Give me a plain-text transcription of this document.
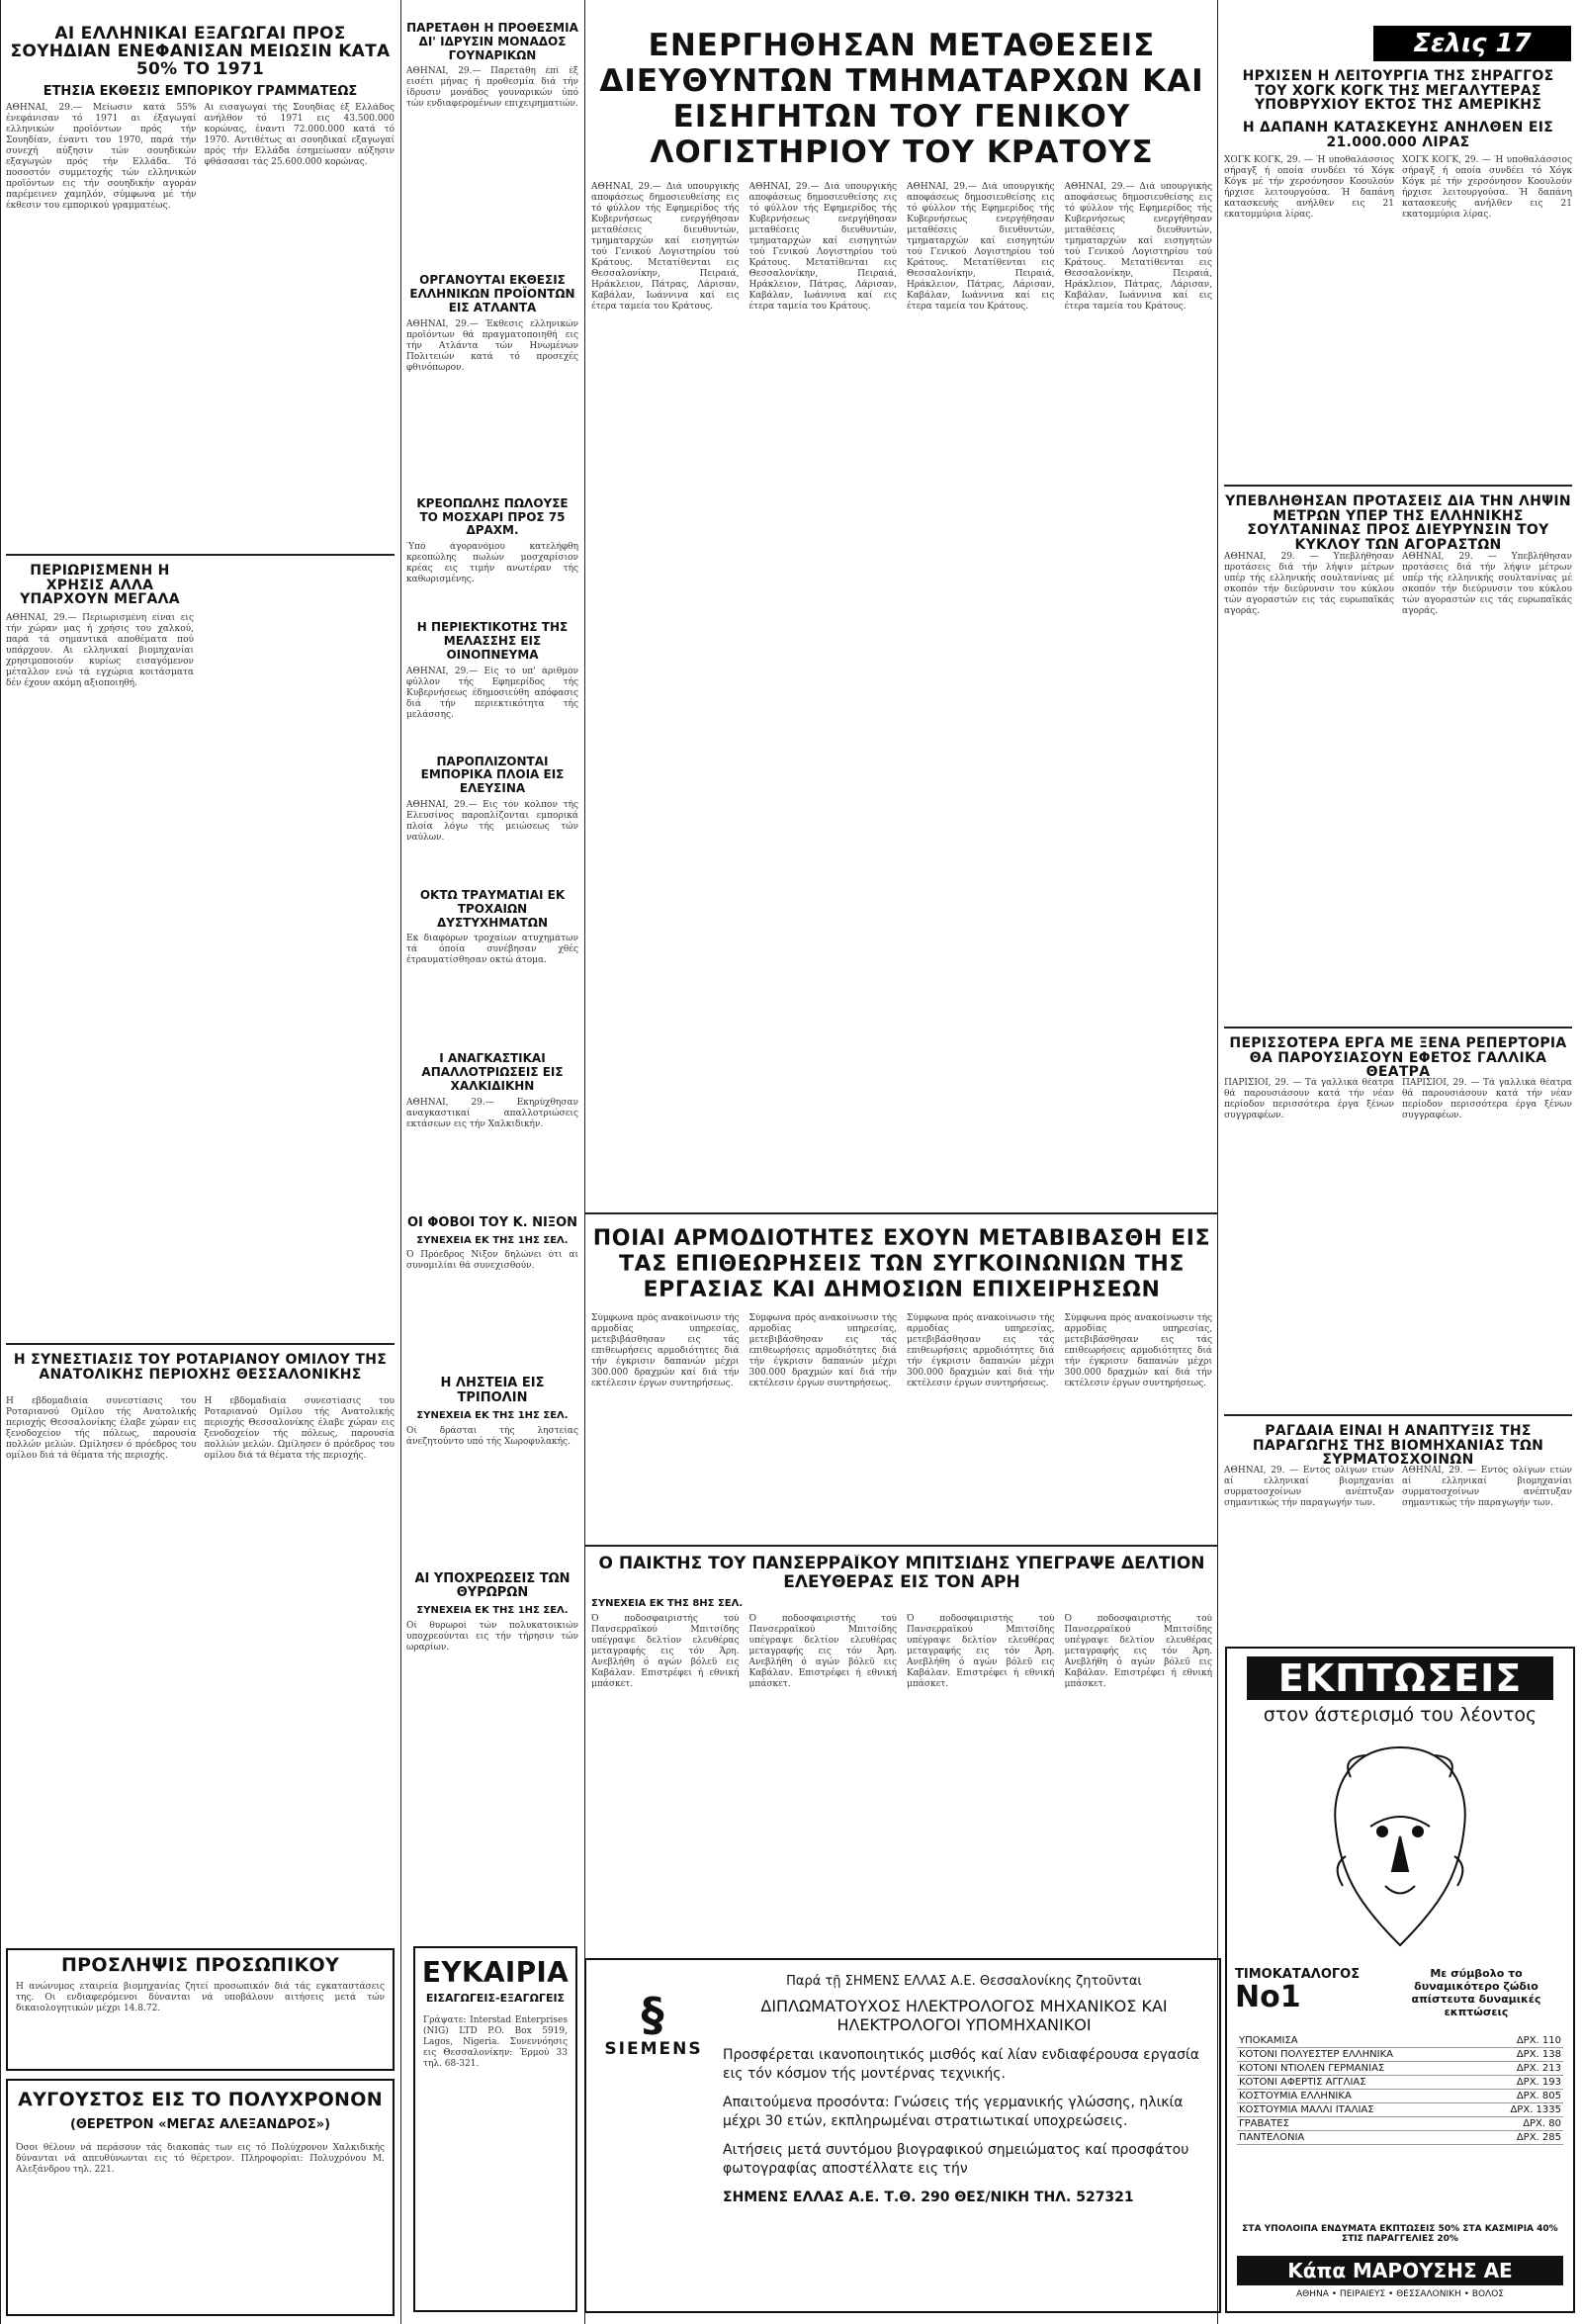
ΑΙ ΕΛΛΗΝΙΚΑΙ ΕΞΑΓΩΓΑΙ ΠΡΟΣ ΣΟΥΗΔΙΑΝ ΕΝΕΦΑΝΙΣΑΝ ΜΕΙΩΣΙΝ ΚΑΤΑ 50% ΤΟ 1971
ΕΤΗΣΙΑ ΕΚΘΕΣΙΣ ΕΜΠΟΡΙΚΟΥ ΓΡΑΜΜΑΤΕΩΣ
ΑΘΗΝΑΙ, 29.— Μείωσιν κατά 55% ένεφάνισαν τό 1971 αι έξαγωγαί ελληνικών προϊόντων πρός τήν Σουηδίαν, έναντι του 1970, παρά τήν συνεχή αύξησιν τών σουηδικών εξαγωγών πρός τήν Ελλάδα. Τό ποσοστόν συμμετοχής τών ελληνικών προϊόντων εις τήν σουηδικήν αγοράν παρέμεινεν χαμηλόν, σύμφωνα μέ τήν έκθεσιν του εμπορικού γραμματέως.
Αι εισαγωγαί τής Σουηδίας έξ Ελλάδος ανήλθον τό 1971 εις 43.500.000 κορώνας, έναντι 72.000.000 κατά τό 1970. Αντιθέτως αι σουηδικαί εξαγωγαί πρός τήν Ελλάδα έσημείωσαν αύξησιν φθάσασαι τάς 25.600.000 κορώνας.
ΠΕΡΙΩΡΙΣΜΕΝΗ Η ΧΡΗΣΙΣ ΑΛΛΑ ΥΠΑΡΧΟΥΝ ΜΕΓΑΛΑ
ΑΘΗΝΑΙ, 29.— Περιωρισμένη είναι εις τήν χώραν μας ή χρήσις του χαλκού, παρά τά σημαντικά αποθέματα πού υπάρχουν. Αι ελληνικαί βιομηχανίαι χρησιμοποιούν κυρίως εισαγόμενον μέταλλον ενώ τά εγχώρια κοιτάσματα δέν έχουν ακόμη αξιοποιηθή.
Η ΣΥΝΕΣΤΙΑΣΙΣ ΤΟΥ ΡΟΤΑΡΙΑΝΟΥ ΟΜΙΛΟΥ ΤΗΣ ΑΝΑΤΟΛΙΚΗΣ ΠΕΡΙΟΧΗΣ ΘΕΣΣΑΛΟΝΙΚΗΣ
Η εβδομαδιαία συνεστίασις του Ροταριανού Ομίλου τής Ανατολικής περιοχής Θεσσαλονίκης έλαβε χώραν εις ξενοδοχείον τής πόλεως, παρουσία πολλών μελών. Ωμίλησεν ό πρόεδρος του ομίλου διά τά θέματα τής περιοχής.
Η εβδομαδιαία συνεστίασις του Ροταριανού Ομίλου τής Ανατολικής περιοχής Θεσσαλονίκης έλαβε χώραν εις ξενοδοχείον τής πόλεως, παρουσία πολλών μελών. Ωμίλησεν ό πρόεδρος του ομίλου διά τά θέματα τής περιοχής.
ΠΡΟΣΛΗΨΙΣ ΠΡΟΣΩΠΙΚΟΥ
Η ανώνυμος εταιρεία βιομηχανίας ζητεί προσωπικόν διά τάς εγκαταστάσεις της. Οι ενδιαφερόμενοι δύνανται νά υποβάλουν αιτήσεις μετά τών δικαιολογητικών μέχρι 14.8.72.
ΑΥΓΟΥΣΤΟΣ ΕΙΣ ΤΟ ΠΟΛΥΧΡΟΝΟΝ
(ΘΕΡΕΤΡΟΝ «ΜΕΓΑΣ ΑΛΕΞΑΝΔΡΟΣ»)
Όσοι θέλουν νά περάσουν τάς διακοπάς των εις τό Πολύχρονον Χαλκιδικής δύνανται νά απευθύνωνται εις τό θέρετρον. Πληροφορίαι: Πολυχρόνου Μ. Αλεξάνδρου τηλ. 221.
ΠΑΡΕΤΑΘΗ Η ΠΡΟΘΕΣΜΙΑ ΔΙ' ΙΔΡΥΣΙΝ ΜΟΝΑΔΟΣ ΓΟΥΝΑΡΙΚΩΝ
ΑΘΗΝΑΙ, 29.— Παρετάθη έπί έξ εισέτι μήνας ή προθεσμία διά τήν ίδρυσιν μονάδος γουναρικών ύπό τών ενδιαφερομένων επιχειρηματιών.
ΟΡΓΑΝΟΥΤΑΙ ΕΚΘΕΣΙΣ ΕΛΛΗΝΙΚΩΝ ΠΡΟΪΟΝΤΩΝ ΕΙΣ ΑΤΛΑΝΤΑ
ΑΘΗΝΑΙ, 29.— Έκθεσις ελληνικών προϊόντων θά πραγματοποιηθή εις τήν Ατλάντα τών Ηνωμένων Πολιτειών κατά τό προσεχές φθινόπωρον.
ΚΡΕΟΠΩΛΗΣ ΠΩΛΟΥΣΕ ΤΟ ΜΟΣΧΑΡΙ ΠΡΟΣ 75 ΔΡΑΧΜ.
Ύπό άγορανόμου κατελήφθη κρεοπώλης πωλών μοσχαρίσιον κρέας εις τιμήν ανωτέραν τής καθωρισμένης.
Η ΠΕΡΙΕΚΤΙΚΟΤΗΣ ΤΗΣ ΜΕΛΑΣΣΗΣ ΕΙΣ ΟΙΝΟΠΝΕΥΜΑ
ΑΘΗΝΑΙ, 29.— Είς τό υπ' άριθμόν φύλλον τής Εφημερίδος τής Κυβερνήσεως έδημοσιεύθη απόφασις διά τήν περιεκτικότητα τής μελάσσης.
ΠΑΡΟΠΛΙΖΟΝΤΑΙ ΕΜΠΟΡΙΚΑ ΠΛΟΙΑ ΕΙΣ ΕΛΕΥΣΙΝΑ
ΑΘΗΝΑΙ, 29.— Εις τόν κόλπον τής Ελευσίνος παροπλίζονται εμπορικά πλοία λόγω τής μειώσεως τών ναύλων.
ΟΚΤΩ ΤΡΑΥΜΑΤΙΑΙ ΕΚ ΤΡΟΧΑΙΩΝ ΔΥΣΤΥΧΗΜΑΤΩΝ
Εκ διαφόρων τροχαίων ατυχημάτων τά όποία συνέβησαν χθές έτραυματίσθησαν οκτώ άτομα.
Ι ΑΝΑΓΚΑΣΤΙΚΑΙ ΑΠΑΛΛΟΤΡΙΩΣΕΙΣ ΕΙΣ ΧΑΛΚΙΔΙΚΗΝ
ΑΘΗΝΑΙ, 29.— Εκηρύχθησαν αναγκαστικαί απαλλοτριώσεις εκτάσεων εις τήν Χαλκιδικήν.
ΟΙ ΦΟΒΟΙ ΤΟΥ Κ. ΝΙΞΟΝ
ΣΥΝΕΧΕΙΑ ΕΚ ΤΗΣ 1ΗΣ ΣΕΛ.
Ό Πρόεδρος Νίξον δηλώνει ότι αι συνομιλίαι θά συνεχισθούν.
Η ΛΗΣΤΕΙΑ ΕΙΣ ΤΡΙΠΟΛΙΝ
ΣΥΝΕΧΕΙΑ ΕΚ ΤΗΣ 1ΗΣ ΣΕΛ.
Οί δράσται τής ληστείας άνεζητούντο υπό τής Χωροφυλακής.
ΑΙ ΥΠΟΧΡΕΩΣΕΙΣ ΤΩΝ ΘΥΡΩΡΩΝ
ΣΥΝΕΧΕΙΑ ΕΚ ΤΗΣ 1ΗΣ ΣΕΛ.
Οί θυρωροί τών πολυκατοικιών υποχρεούνται εις τήν τήρησιν τών ωραρίων.
ΕΥΚΑΙΡΙΑ
ΕΙΣΑΓΩΓΕΙΣ-ΕΞΑΓΩΓΕΙΣ
Γράψατε: Interstad Enterprises (NIG) LTD P.O. Box 5919, Lagos, Nigeria. Συνεννόησις εις Θεσσαλονίκην: Έρμού 33 τηλ. 68-321.
ΕΝΕΡΓΗΘΗΣΑΝ ΜΕΤΑΘΕΣΕΙΣ ΔΙΕΥΘΥΝΤΩΝ ΤΜΗΜΑΤΑΡΧΩΝ ΚΑΙ ΕΙΣΗΓΗΤΩΝ ΤΟΥ ΓΕΝΙΚΟΥ ΛΟΓΙΣΤΗΡΙΟΥ ΤΟΥ ΚΡΑΤΟΥΣ
ΑΘΗΝΑΙ, 29.— Διά υπουργικής αποφάσεως δημοσιευθείσης εις τό φύλλον τής Εφημερίδος τής Κυβερνήσεως ενεργήθησαν μεταθέσεις διευθυντών, τμηματαρχών καί εισηγητών τού Γενικού Λογιστηρίου τού Κράτους. Μετατίθενται εις Θεσσαλονίκην, Πειραιά, Ηράκλειον, Πάτρας, Λάρισαν, Καβάλαν, Ιωάννινα καί εις έτερα ταμεία του Κράτους.
ΑΘΗΝΑΙ, 29.— Διά υπουργικής αποφάσεως δημοσιευθείσης εις τό φύλλον τής Εφημερίδος τής Κυβερνήσεως ενεργήθησαν μεταθέσεις διευθυντών, τμηματαρχών καί εισηγητών τού Γενικού Λογιστηρίου τού Κράτους. Μετατίθενται εις Θεσσαλονίκην, Πειραιά, Ηράκλειον, Πάτρας, Λάρισαν, Καβάλαν, Ιωάννινα καί εις έτερα ταμεία του Κράτους.
ΑΘΗΝΑΙ, 29.— Διά υπουργικής αποφάσεως δημοσιευθείσης εις τό φύλλον τής Εφημερίδος τής Κυβερνήσεως ενεργήθησαν μεταθέσεις διευθυντών, τμηματαρχών καί εισηγητών τού Γενικού Λογιστηρίου τού Κράτους. Μετατίθενται εις Θεσσαλονίκην, Πειραιά, Ηράκλειον, Πάτρας, Λάρισαν, Καβάλαν, Ιωάννινα καί εις έτερα ταμεία του Κράτους.
ΑΘΗΝΑΙ, 29.— Διά υπουργικής αποφάσεως δημοσιευθείσης εις τό φύλλον τής Εφημερίδος τής Κυβερνήσεως ενεργήθησαν μεταθέσεις διευθυντών, τμηματαρχών καί εισηγητών τού Γενικού Λογιστηρίου τού Κράτους. Μετατίθενται εις Θεσσαλονίκην, Πειραιά, Ηράκλειον, Πάτρας, Λάρισαν, Καβάλαν, Ιωάννινα καί εις έτερα ταμεία του Κράτους.
ΠΟΙΑΙ ΑΡΜΟΔΙΟΤΗΤΕΣ ΕΧΟΥΝ ΜΕΤΑΒΙΒΑΣΘΗ ΕΙΣ ΤΑΣ ΕΠΙΘΕΩΡΗΣΕΙΣ ΤΩΝ ΣΥΓΚΟΙΝΩΝΙΩΝ ΤΗΣ ΕΡΓΑΣΙΑΣ ΚΑΙ ΔΗΜΟΣΙΩΝ ΕΠΙΧΕΙΡΗΣΕΩΝ
Σύμφωνα πρός ανακοίνωσιν τής αρμοδίας υπηρεσίας, μετεβιβάσθησαν εις τάς επιθεωρήσεις αρμοδιότητες διά τήν έγκρισιν δαπανών μέχρι 300.000 δραχμών καί διά τήν εκτέλεσιν έργων συντηρήσεως.
Σύμφωνα πρός ανακοίνωσιν τής αρμοδίας υπηρεσίας, μετεβιβάσθησαν εις τάς επιθεωρήσεις αρμοδιότητες διά τήν έγκρισιν δαπανών μέχρι 300.000 δραχμών καί διά τήν εκτέλεσιν έργων συντηρήσεως.
Σύμφωνα πρός ανακοίνωσιν τής αρμοδίας υπηρεσίας, μετεβιβάσθησαν εις τάς επιθεωρήσεις αρμοδιότητες διά τήν έγκρισιν δαπανών μέχρι 300.000 δραχμών καί διά τήν εκτέλεσιν έργων συντηρήσεως.
Σύμφωνα πρός ανακοίνωσιν τής αρμοδίας υπηρεσίας, μετεβιβάσθησαν εις τάς επιθεωρήσεις αρμοδιότητες διά τήν έγκρισιν δαπανών μέχρι 300.000 δραχμών καί διά τήν εκτέλεσιν έργων συντηρήσεως.
Ο ΠΑΙΚΤΗΣ ΤΟΥ ΠΑΝΣΕΡΡΑΪΚΟΥ ΜΠΙΤΣΙΔΗΣ ΥΠΕΓΡΑΨΕ ΔΕΛΤΙΟΝ ΕΛΕΥΘΕΡΑΣ ΕΙΣ ΤΟΝ ΑΡΗ
ΣΥΝΕΧΕΙΑ ΕΚ ΤΗΣ 8ΗΣ ΣΕΛ.
Ό ποδοσφαιριστής τού Πανσερραϊκού Μπιτσίδης υπέγραψε δελτίον ελευθέρας μεταγραφής εις τόν Άρη. Ανεβλήθη ό αγών βόλεϋ εις Καβάλαν. Επιστρέφει ή εθνική μπάσκετ.
Ό ποδοσφαιριστής τού Πανσερραϊκού Μπιτσίδης υπέγραψε δελτίον ελευθέρας μεταγραφής εις τόν Άρη. Ανεβλήθη ό αγών βόλεϋ εις Καβάλαν. Επιστρέφει ή εθνική μπάσκετ.
Ό ποδοσφαιριστής τού Πανσερραϊκού Μπιτσίδης υπέγραψε δελτίον ελευθέρας μεταγραφής εις τόν Άρη. Ανεβλήθη ό αγών βόλεϋ εις Καβάλαν. Επιστρέφει ή εθνική μπάσκετ.
Ό ποδοσφαιριστής τού Πανσερραϊκού Μπιτσίδης υπέγραψε δελτίον ελευθέρας μεταγραφής εις τόν Άρη. Ανεβλήθη ό αγών βόλεϋ εις Καβάλαν. Επιστρέφει ή εθνική μπάσκετ.
§
SIEMENS
Παρά τῇ ΣΗΜΕΝΣ ΕΛΛΑΣ Α.Ε. Θεσσαλονίκης ζητοῦνται
ΔΙΠΛΩΜΑΤΟΥΧΟΣ ΗΛΕΚΤΡΟΛΟΓΟΣ ΜΗΧΑΝΙΚΟΣ ΚΑΙ ΗΛΕΚΤΡΟΛΟΓΟΙ ΥΠΟΜΗΧΑΝΙΚΟΙ
Προσφέρεται ικανοποιητικός μισθός καί λίαν ενδιαφέρουσα εργασία εις τόν κόσμον τής μοντέρνας τεχνικής.
Απαιτούμενα προσόντα: Γνώσεις τής γερμανικής γλώσσης, ηλικία μέχρι 30 ετών, εκπληρωμέναι στρατιωτικαί υποχρεώσεις.
Αιτήσεις μετά συντόμου βιογραφικού σημειώματος καί προσφάτου φωτογραφίας αποστέλλατε εις τήν
ΣΗΜΕΝΣ ΕΛΛΑΣ Α.Ε. Τ.Θ. 290 ΘΕΣ/ΝΙΚΗ ΤΗΛ. 527321
Σελις 17
ΗΡΧΙΣΕΝ Η ΛΕΙΤΟΥΡΓΙΑ ΤΗΣ ΣΗΡΑΓΓΟΣ ΤΟΥ ΧΟΓΚ ΚΟΓΚ ΤΗΣ ΜΕΓΑΛΥΤΕΡΑΣ ΥΠΟΒΡΥΧΙΟΥ ΕΚΤΟΣ ΤΗΣ ΑΜΕΡΙΚΗΣ
Η ΔΑΠΑΝΗ ΚΑΤΑΣΚΕΥΗΣ ΑΝΗΛΘΕΝ ΕΙΣ 21.000.000 ΛΙΡΑΣ
ΧΟΓΚ ΚΟΓΚ, 29. — Ή υποθαλάσσιος σήραγξ ή οποία συνδέει τό Χόγκ Κόγκ μέ τήν χερσόνησον Κοουλούν ήρχισε λειτουργούσα. Ή δαπάνη κατασκευής ανήλθεν εις 21 εκατομμύρια λίρας.
ΧΟΓΚ ΚΟΓΚ, 29. — Ή υποθαλάσσιος σήραγξ ή οποία συνδέει τό Χόγκ Κόγκ μέ τήν χερσόνησον Κοουλούν ήρχισε λειτουργούσα. Ή δαπάνη κατασκευής ανήλθεν εις 21 εκατομμύρια λίρας.
ΥΠΕΒΛΗΘΗΣΑΝ ΠΡΟΤΑΣΕΙΣ ΔΙΑ ΤΗΝ ΛΗΨΙΝ ΜΕΤΡΩΝ ΥΠΕΡ ΤΗΣ ΕΛΛΗΝΙΚΗΣ ΣΟΥΛΤΑΝΙΝΑΣ ΠΡΟΣ ΔΙΕΥΡΥΝΣΙΝ ΤΟΥ ΚΥΚΛΟΥ ΤΩΝ ΑΓΟΡΑΣΤΩΝ
ΑΘΗΝΑΙ, 29. — Υπεβλήθησαν προτάσεις διά τήν λήψιν μέτρων υπέρ τής ελληνικής σουλτανίνας μέ σκοπόν τήν διεύρυνσιν του κύκλου τών αγοραστών εις τάς ευρωπαϊκάς αγοράς.
ΑΘΗΝΑΙ, 29. — Υπεβλήθησαν προτάσεις διά τήν λήψιν μέτρων υπέρ τής ελληνικής σουλτανίνας μέ σκοπόν τήν διεύρυνσιν του κύκλου τών αγοραστών εις τάς ευρωπαϊκάς αγοράς.
ΠΕΡΙΣΣΟΤΕΡΑ ΕΡΓΑ ΜΕ ΞΕΝΑ ΡΕΠΕΡΤΟΡΙΑ ΘΑ ΠΑΡΟΥΣΙΑΣΟΥΝ ΕΦΕΤΟΣ ΓΑΛΛΙΚΑ ΘΕΑΤΡΑ
ΠΑΡΙΣΙΟΙ, 29. — Τά γαλλικά θέατρα θά παρουσιάσουν κατά τήν νέαν περίοδον περισσότερα έργα ξένων συγγραφέων.
ΠΑΡΙΣΙΟΙ, 29. — Τά γαλλικά θέατρα θά παρουσιάσουν κατά τήν νέαν περίοδον περισσότερα έργα ξένων συγγραφέων.
ΡΑΓΔΑΙΑ ΕΙΝΑΙ Η ΑΝΑΠΤΥΞΙΣ ΤΗΣ ΠΑΡΑΓΩΓΗΣ ΤΗΣ ΒΙΟΜΗΧΑΝΙΑΣ ΤΩΝ ΣΥΡΜΑΤΟΣΧΟΙΝΩΝ
ΑΘΗΝΑΙ, 29. — Εντός ολίγων ετών αί ελληνικαί βιομηχανίαι συρματοσχοίνων ανέπτυξαν σημαντικώς τήν παραγωγήν των.
ΑΘΗΝΑΙ, 29. — Εντός ολίγων ετών αί ελληνικαί βιομηχανίαι συρματοσχοίνων ανέπτυξαν σημαντικώς τήν παραγωγήν των.
ΕΚΠΤΩΣΕΙΣ
στον άστερισμό του λέοντος
ΤΙΜΟΚΑΤΑΛΟΓΟΣ
Νο1
Με σύμβολο το δυναμικότερο ζώδιο απίστευτα δυναμικές εκπτώσεις
ΥΠΟΚΑΜΙΣΑ	ΔΡΧ. 110
ΚΟΤΟΝΙ ΠΟΛΥΕΣΤΕΡ ΕΛΛΗΝΙΚΑ	ΔΡΧ. 138
ΚΟΤΟΝΙ ΝΤΙΟΛΕΝ ΓΕΡΜΑΝΙΑΣ	ΔΡΧ. 213
ΚΟΤΟΝΙ ΑΦΕΡΤΙΣ ΑΓΓΛΙΑΣ	ΔΡΧ. 193
ΚΟΣΤΟΥΜΙΑ ΕΛΛΗΝΙΚΑ	ΔΡΧ. 805
ΚΟΣΤΟΥΜΙΑ ΜΑΛΛΙ ΙΤΑΛΙΑΣ	ΔΡΧ. 1335
ΓΡΑΒΑΤΕΣ	ΔΡΧ. 80
ΠΑΝΤΕΛΟΝΙΑ	ΔΡΧ. 285
ΣΤΑ ΥΠΟΛΟΙΠΑ ΕΝΔΥΜΑΤΑ ΕΚΠΤΩΣΕΙΣ 50% ΣΤΑ ΚΑΣΜΙΡΙΑ 40% ΣΤΙΣ ΠΑΡΑΓΓΕΛΙΕΣ 20%
Κάπα ΜΑΡΟΥΣΗΣ ΑΕ
ΑΘΗΝΑ • ΠΕΙΡΑΙΕΥΣ • ΘΕΣΣΑΛΟΝΙΚΗ • ΒΟΛΟΣ
